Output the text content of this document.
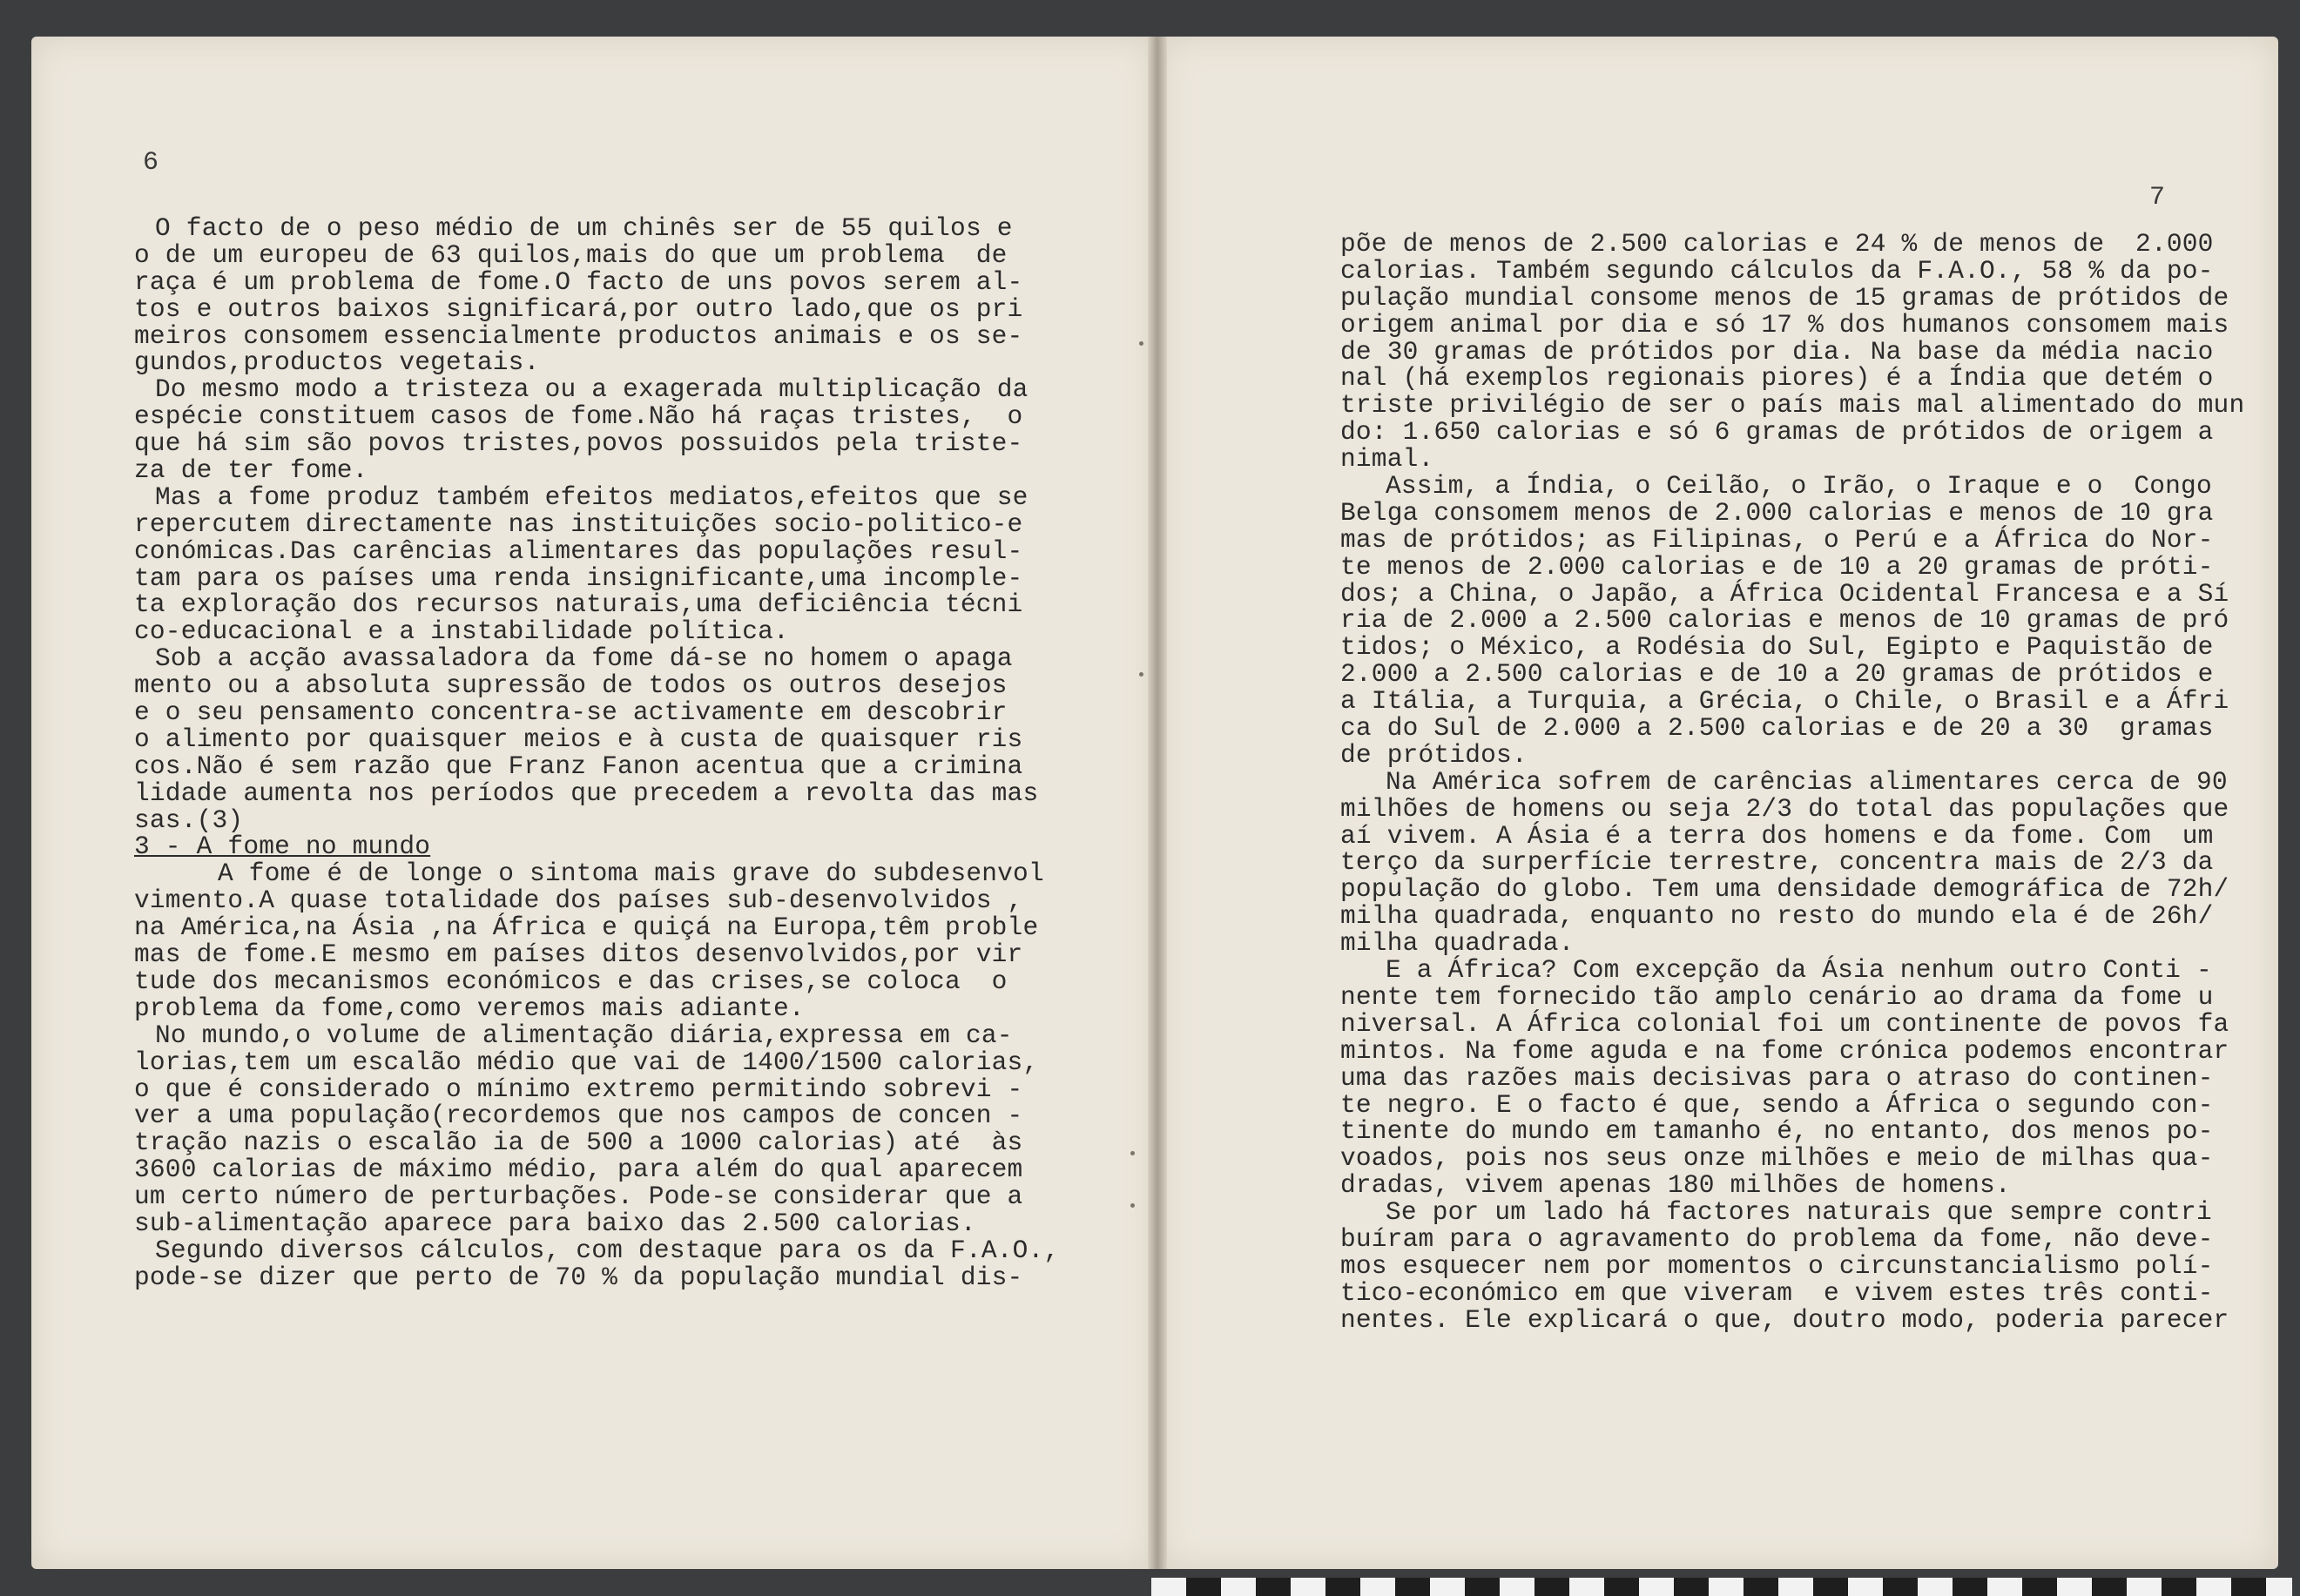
6
O facto de o peso médio de um chinês ser de 55 quilos e
o de um europeu de 63 quilos,mais do que um problema  de
raça é um problema de fome.O facto de uns povos serem al-
tos e outros baixos significará,por outro lado,que os pri
meiros consomem essencialmente productos animais e os se-
gundos,productos vegetais.
Do mesmo modo a tristeza ou a exagerada multiplicação da
espécie constituem casos de fome.Não há raças tristes,  o
que há sim são povos tristes,povos possuidos pela triste-
za de ter fome.
Mas a fome produz também efeitos mediatos,efeitos que se
repercutem directamente nas instituições socio-politico-e
conómicas.Das carências alimentares das populações resul-
tam para os países uma renda insignificante,uma incomple-
ta exploração dos recursos naturais,uma deficiência técni
co-educacional e a instabilidade política.
Sob a acção avassaladora da fome dá-se no homem o apaga
mento ou a absoluta supressão de todos os outros desejos
e o seu pensamento concentra-se activamente em descobrir
o alimento por quaisquer meios e à custa de quaisquer ris
cos.Não é sem razão que Franz Fanon acentua que a crimina
lidade aumenta nos períodos que precedem a revolta das mas
sas.(3)
3 - A fome no mundo
A fome é de longe o sintoma mais grave do subdesenvol
vimento.A quase totalidade dos países sub-desenvolvidos ,
na América,na Ásia ,na África e quiçá na Europa,têm proble
mas de fome.E mesmo em países ditos desenvolvidos,por vir
tude dos mecanismos económicos e das crises,se coloca  o
problema da fome,como veremos mais adiante.
No mundo,o volume de alimentação diária,expressa em ca-
lorias,tem um escalão médio que vai de 1400/1500 calorias,
o que é considerado o mínimo extremo permitindo sobrevi -
ver a uma população(recordemos que nos campos de concen -
tração nazis o escalão ia de 500 a 1000 calorias) até  às
3600 calorias de máximo médio, para além do qual aparecem
um certo número de perturbações. Pode-se considerar que a
sub-alimentação aparece para baixo das 2.500 calorias.
Segundo diversos cálculos, com destaque para os da F.A.O.,
pode-se dizer que perto de 70 % da população mundial dis-
7
põe de menos de 2.500 calorias e 24 % de menos de  2.000
calorias. Também segundo cálculos da F.A.O., 58 % da po-
pulação mundial consome menos de 15 gramas de prótidos de
origem animal por dia e só 17 % dos humanos consomem mais
de 30 gramas de prótidos por dia. Na base da média nacio
nal (há exemplos regionais piores) é a Índia que detém o
triste privilégio de ser o país mais mal alimentado do mun
do: 1.650 calorias e só 6 gramas de prótidos de origem a
nimal.
Assim, a Índia, o Ceilão, o Irão, o Iraque e o  Congo
Belga consomem menos de 2.000 calorias e menos de 10 gra
mas de prótidos; as Filipinas, o Perú e a África do Nor-
te menos de 2.000 calorias e de 10 a 20 gramas de próti-
dos; a China, o Japão, a África Ocidental Francesa e a Sí
ria de 2.000 a 2.500 calorias e menos de 10 gramas de pró
tidos; o México, a Rodésia do Sul, Egipto e Paquistão de
2.000 a 2.500 calorias e de 10 a 20 gramas de prótidos e
a Itália, a Turquia, a Grécia, o Chile, o Brasil e a Áfri
ca do Sul de 2.000 a 2.500 calorias e de 20 a 30  gramas
de prótidos.
Na América sofrem de carências alimentares cerca de 90
milhões de homens ou seja 2/3 do total das populações que
aí vivem. A Ásia é a terra dos homens e da fome. Com  um
terço da surperfície terrestre, concentra mais de 2/3 da
população do globo. Tem uma densidade demográfica de 72h/
milha quadrada, enquanto no resto do mundo ela é de 26h/
milha quadrada.
E a África? Com excepção da Ásia nenhum outro Conti -
nente tem fornecido tão amplo cenário ao drama da fome u
niversal. A África colonial foi um continente de povos fa
mintos. Na fome aguda e na fome crónica podemos encontrar
uma das razões mais decisivas para o atraso do continen-
te negro. E o facto é que, sendo a África o segundo con-
tinente do mundo em tamanho é, no entanto, dos menos po-
voados, pois nos seus onze milhões e meio de milhas qua-
dradas, vivem apenas 180 milhões de homens.
Se por um lado há factores naturais que sempre contri
buíram para o agravamento do problema da fome, não deve-
mos esquecer nem por momentos o circunstancialismo polí-
tico-económico em que viveram  e vivem estes três conti-
nentes. Ele explicará o que, doutro modo, poderia parecer
